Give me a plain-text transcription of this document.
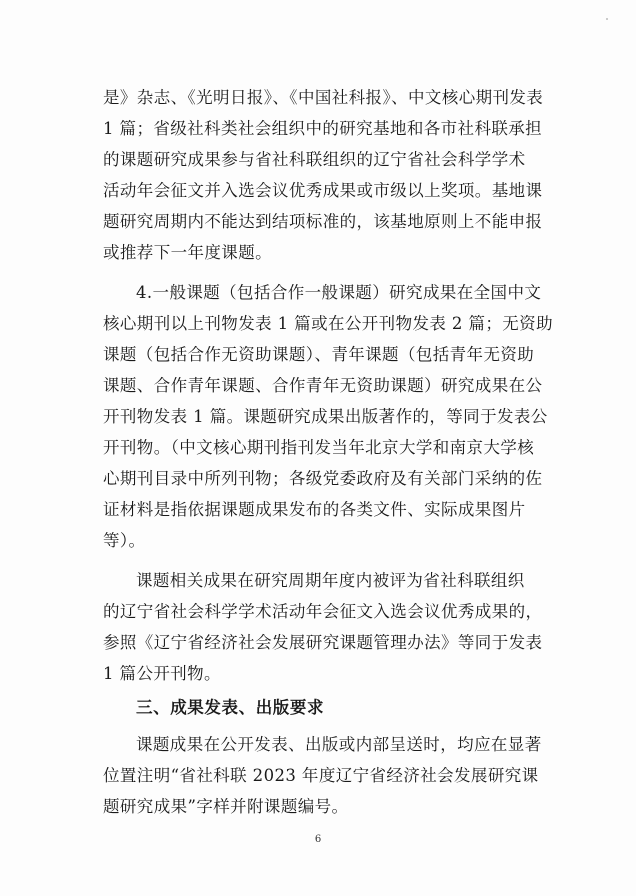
是》杂志、《光明日报》、《中国社科报》、中文核心期刊发表
1 篇；省级社科类社会组织中的研究基地和各市社科联承担
的课题研究成果参与省社科联组织的辽宁省社会科学学术
活动年会征文并入选会议优秀成果或市级以上奖项。基地课
题研究周期内不能达到结项标准的，该基地原则上不能申报
或推荐下一年度课题。
4.一般课题（包括合作一般课题）研究成果在全国中文
核心期刊以上刊物发表 1 篇或在公开刊物发表 2 篇；无资助
课题（包括合作无资助课题）、青年课题（包括青年无资助
课题、合作青年课题、合作青年无资助课题）研究成果在公
开刊物发表 1 篇。课题研究成果出版著作的，等同于发表公
开刊物。（中文核心期刊指刊发当年北京大学和南京大学核
心期刊目录中所列刊物；各级党委政府及有关部门采纳的佐
证材料是指依据课题成果发布的各类文件、实际成果图片
等）。
课题相关成果在研究周期年度内被评为省社科联组织
的辽宁省社会科学学术活动年会征文入选会议优秀成果的，
参照《辽宁省经济社会发展研究课题管理办法》等同于发表
1 篇公开刊物。
三、成果发表、出版要求
课题成果在公开发表、出版或内部呈送时，均应在显著
位置注明“省社科联 2023 年度辽宁省经济社会发展研究课
题研究成果”字样并附课题编号。
6
